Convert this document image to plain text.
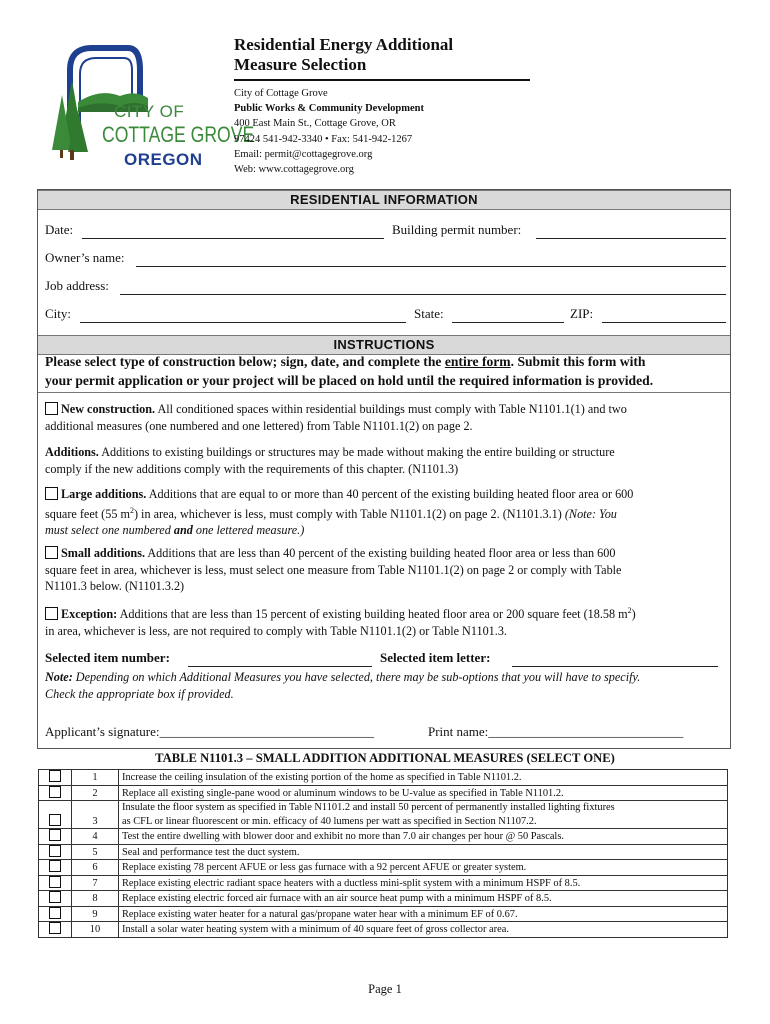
CITY OF
COTTAGE GROVE
OREGON
Residential Energy Additional
Measure Selection
City of Cottage Grove
Public Works & Community Development
400 East Main St., Cottage Grove, OR
97424 541-942-3340 • Fax: 541-942-1267
Email: permit@cottagegrove.org
Web: www.cottagegrove.org
RESIDENTIAL INFORMATION
Date:	Building permit number:
Owner’s name:
Job address:
City:	State:	ZIP:
INSTRUCTIONS
Please select type of construction below; sign, date, and complete the entire form. Submit this form with
your permit application or your project will be placed on hold until the required information is provided.
New construction. All conditioned spaces within residential buildings must comply with Table N1101.1(1) and two
additional measures (one numbered and one lettered) from Table N1101.1(2) on page 2.
Additions. Additions to existing buildings or structures may be made without making the entire building or structure
comply if the new additions comply with the requirements of this chapter. (N1101.3)
Large additions. Additions that are equal to or more than 40 percent of the existing building heated floor area or 600
square feet (55 $m^2$) in area, whichever is less, must comply with Table N1101.1(2) on page 2. (N1101.3.1) (Note: You
must select one numbered and one lettered measure.)
Small additions. Additions that are less than 40 percent of the existing building heated floor area or less than 600
square feet in area, whichever is less, must select one measure from Table N1101.1(2) on page 2 or comply with Table
N1101.3 below. (N1101.3.2)
Exception: Additions that are less than 15 percent of existing building heated floor area or 200 square feet (18.58 $m^2$)
in area, whichever is less, are not required to comply with Table N1101.1(2) or Table N1101.3.
Selected item number:	Selected item letter:
Note: Depending on which Additional Measures you have selected, there may be sub-options that you will have to specify.
Check the appropriate box if provided.
Applicant’s signature:_________________________________	Print name:______________________________
TABLE N1101.3 – SMALL ADDITION ADDITIONAL MEASURES (SELECT ONE)
	1	Increase the ceiling insulation of the existing portion of the home as specified in Table N1101.2.

	2	Replace all existing single-pane wood or aluminum windows to be U-value as specified in Table N1101.2.

	3	Insulate the floor system as specified in Table N1101.2 and install 50 percent of permanently installed lighting fixtures
as CFL or linear fluorescent or min. efficacy of 40 lumens per watt as specified in Section N1107.2.

	4	Test the entire dwelling with blower door and exhibit no more than 7.0 air changes per hour @ 50 Pascals.

	5	Seal and performance test the duct system.

	6	Replace existing 78 percent AFUE or less gas furnace with a 92 percent AFUE or greater system.

	7	Replace existing electric radiant space heaters with a ductless mini-split system with a minimum HSPF of 8.5.

	8	Replace existing electric forced air furnace with an air source heat pump with a minimum HSPF of 8.5.

	9	Replace existing water heater for a natural gas/propane water hear with a minimum EF of 0.67.

	10	Install a solar water heating system with a minimum of 40 square feet of gross collector area.
Page 1
